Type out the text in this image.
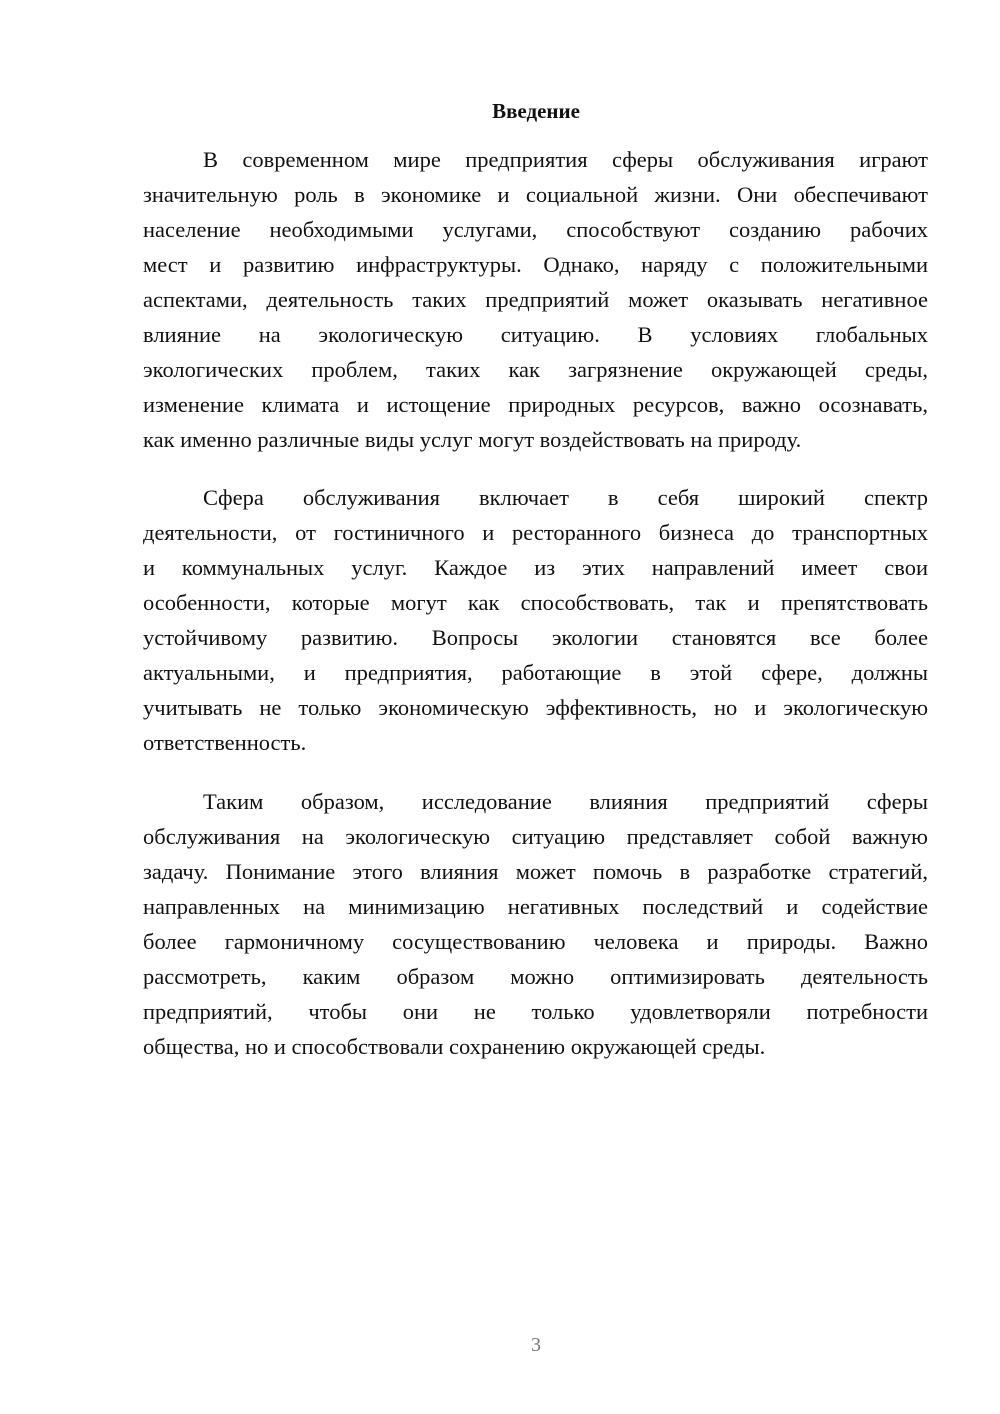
Введение
В современном мире предприятия сферы обслуживания играют
значительную роль в экономике и социальной жизни. Они обеспечивают
население необходимыми услугами, способствуют созданию рабочих
мест и развитию инфраструктуры. Однако, наряду с положительными
аспектами, деятельность таких предприятий может оказывать негативное
влияние на экологическую ситуацию. В условиях глобальных
экологических проблем, таких как загрязнение окружающей среды,
изменение климата и истощение природных ресурсов, важно осознавать,
как именно различные виды услуг могут воздействовать на природу.
Сфера обслуживания включает в себя широкий спектр
деятельности, от гостиничного и ресторанного бизнеса до транспортных
и коммунальных услуг. Каждое из этих направлений имеет свои
особенности, которые могут как способствовать, так и препятствовать
устойчивому развитию. Вопросы экологии становятся все более
актуальными, и предприятия, работающие в этой сфере, должны
учитывать не только экономическую эффективность, но и экологическую
ответственность.
Таким образом, исследование влияния предприятий сферы
обслуживания на экологическую ситуацию представляет собой важную
задачу. Понимание этого влияния может помочь в разработке стратегий,
направленных на минимизацию негативных последствий и содействие
более гармоничному сосуществованию человека и природы. Важно
рассмотреть, каким образом можно оптимизировать деятельность
предприятий, чтобы они не только удовлетворяли потребности
общества, но и способствовали сохранению окружающей среды.
3
